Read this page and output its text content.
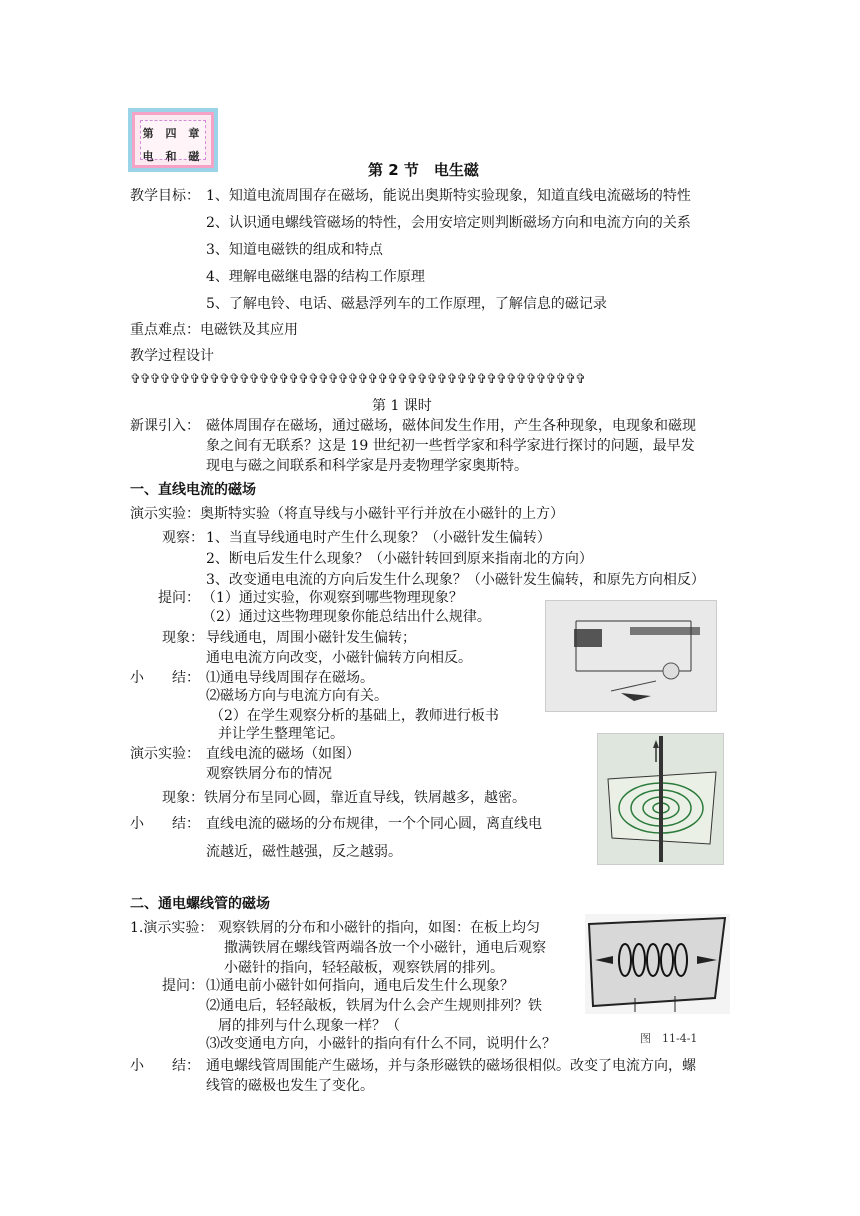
第 四 章
电 和 磁
第 2 节　电生磁
教学目标： 1、知道电流周围存在磁场，能说出奥斯特实验现象，知道直线电流磁场的特性
2、认识通电螺线管磁场的特性，会用安培定则判断磁场方向和电流方向的关系
3、知道电磁铁的组成和特点
4、理解电磁继电器的结构工作原理
5、了解电铃、电话、磁悬浮列车的工作原理，了解信息的磁记录
重点难点：电磁铁及其应用
教学过程设计
✞✞✞✞✞✞✞✞✞✞✞✞✞✞✞✞✞✞✞✞✞✞✞✞✞✞✞✞✞✞✞✞✞✞✞✞✞✞✞✞✞✞✞✞✞✞
第 1 课时
新课引入： 磁体周围存在磁场，通过磁场，磁体间发生作用，产生各种现象，电现象和磁现
象之间有无联系？这是 19 世纪初一些哲学家和科学家进行探讨的问题，最早发
现电与磁之间联系和科学家是丹麦物理学家奥斯特。
一、直线电流的磁场
演示实验：奥斯特实验（将直导线与小磁针平行并放在小磁针的上方）
观察： 1、当直导线通电时产生什么现象？（小磁针发生偏转）
2、断电后发生什么现象？（小磁针转回到原来指南北的方向）
3、改变通电电流的方向后发生什么现象？（小磁针发生偏转，和原先方向相反）
提问： （1）通过实验，你观察到哪些物理现象？
（2）通过这些物理现象你能总结出什么规律。
现象： 导线通电，周围小磁针发生偏转；
通电电流方向改变，小磁针偏转方向相反。
小　　结： ⑴通电导线周围存在磁场。
⑵磁场方向与电流方向有关。
（2）在学生观察分析的基础上，教师进行板书
并让学生整理笔记。
演示实验： 直线电流的磁场（如图）
观察铁屑分布的情况
现象：铁屑分布呈同心圆，靠近直导线，铁屑越多，越密。
小　　结： 直线电流的磁场的分布规律，一个个同心圆，离直线电
流越近，磁性越强，反之越弱。
二、通电螺线管的磁场
1.演示实验： 观察铁屑的分布和小磁针的指向，如图：在板上均匀
撒满铁屑在螺线管两端各放一个小磁针，通电后观察
小磁针的指向，轻轻敲板，观察铁屑的排列。
提问： ⑴通电前小磁针如何指向，通电后发生什么现象？
⑵通电后，轻轻敲板，铁屑为什么会产生规则排列？铁
屑的排列与什么现象一样？（
⑶改变通电方向，小磁针的指向有什么不同，说明什么？
小　　结： 通电螺线管周围能产生磁场，并与条形磁铁的磁场很相似。改变了电流方向，螺
线管的磁极也发生了变化。
图　11-4-1
